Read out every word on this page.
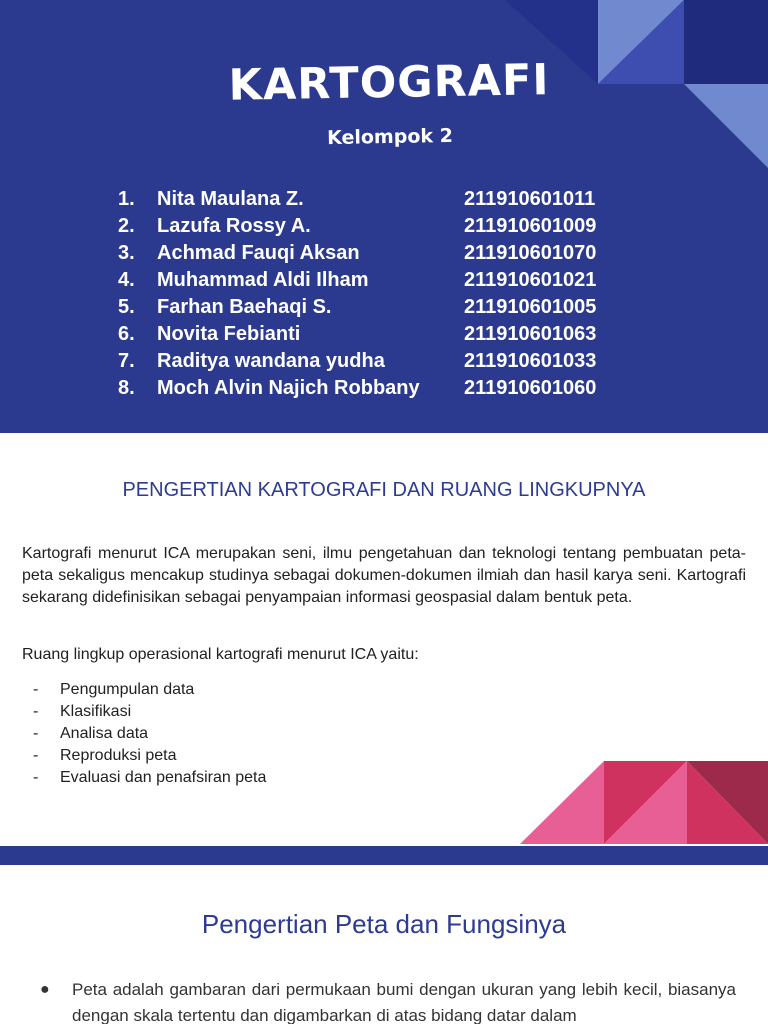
KARTOGRAFI
Kelompok 2
1.	Nita Maulana Z.	211910601011
2.	Lazufa Rossy A.	211910601009
3.	Achmad Fauqi Aksan	211910601070
4.	Muhammad Aldi Ilham	211910601021
5.	Farhan Baehaqi S.	211910601005
6.	Novita Febianti	211910601063
7.	Raditya wandana yudha	211910601033
8.	Moch Alvin Najich Robbany	211910601060
PENGERTIAN KARTOGRAFI DAN RUANG LINGKUPNYA

Kartografi menurut ICA merupakan seni, ilmu pengetahuan dan teknologi tentang pembuatan peta-peta sekaligus mencakup studinya sebagai dokumen-dokumen ilmiah dan hasil karya seni. Kartografi sekarang didefinisikan sebagai penyampaian informasi geospasial dalam bentuk peta.

Ruang lingkup operasional kartografi menurut ICA yaitu:

-	Pengumpulan data
-	Klasifikasi
-	Analisa data
-	Reproduksi peta
-	Evaluasi dan penafsiran peta
Pengertian Peta dan Fungsinya
●	Peta adalah gambaran dari permukaan bumi dengan ukuran yang lebih kecil, biasanya dengan skala tertentu dan digambarkan di atas bidang datar dalam
